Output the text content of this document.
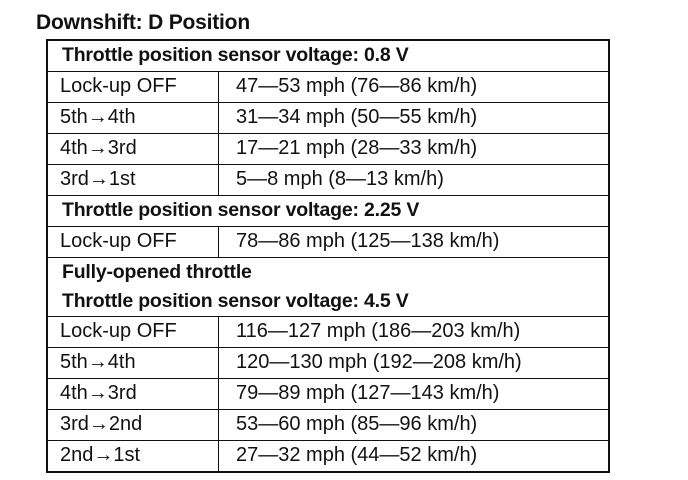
Downshift: D Position
Throttle position sensor voltage: 0.8 V
Lock-up OFF	47—53 mph (76—86 km/h)
5th→4th	31—34 mph (50—55 km/h)
4th→3rd	17—21 mph (28—33 km/h)
3rd→1st	5—8 mph (8—13 km/h)
Throttle position sensor voltage: 2.25 V
Lock-up OFF	78—86 mph (125—138 km/h)
Fully-opened throttle
Throttle position sensor voltage: 4.5 V
Lock-up OFF	116—127 mph (186—203 km/h)
5th→4th	120—130 mph (192—208 km/h)
4th→3rd	79—89 mph (127—143 km/h)
3rd→2nd	53—60 mph (85—96 km/h)
2nd→1st	27—32 mph (44—52 km/h)
